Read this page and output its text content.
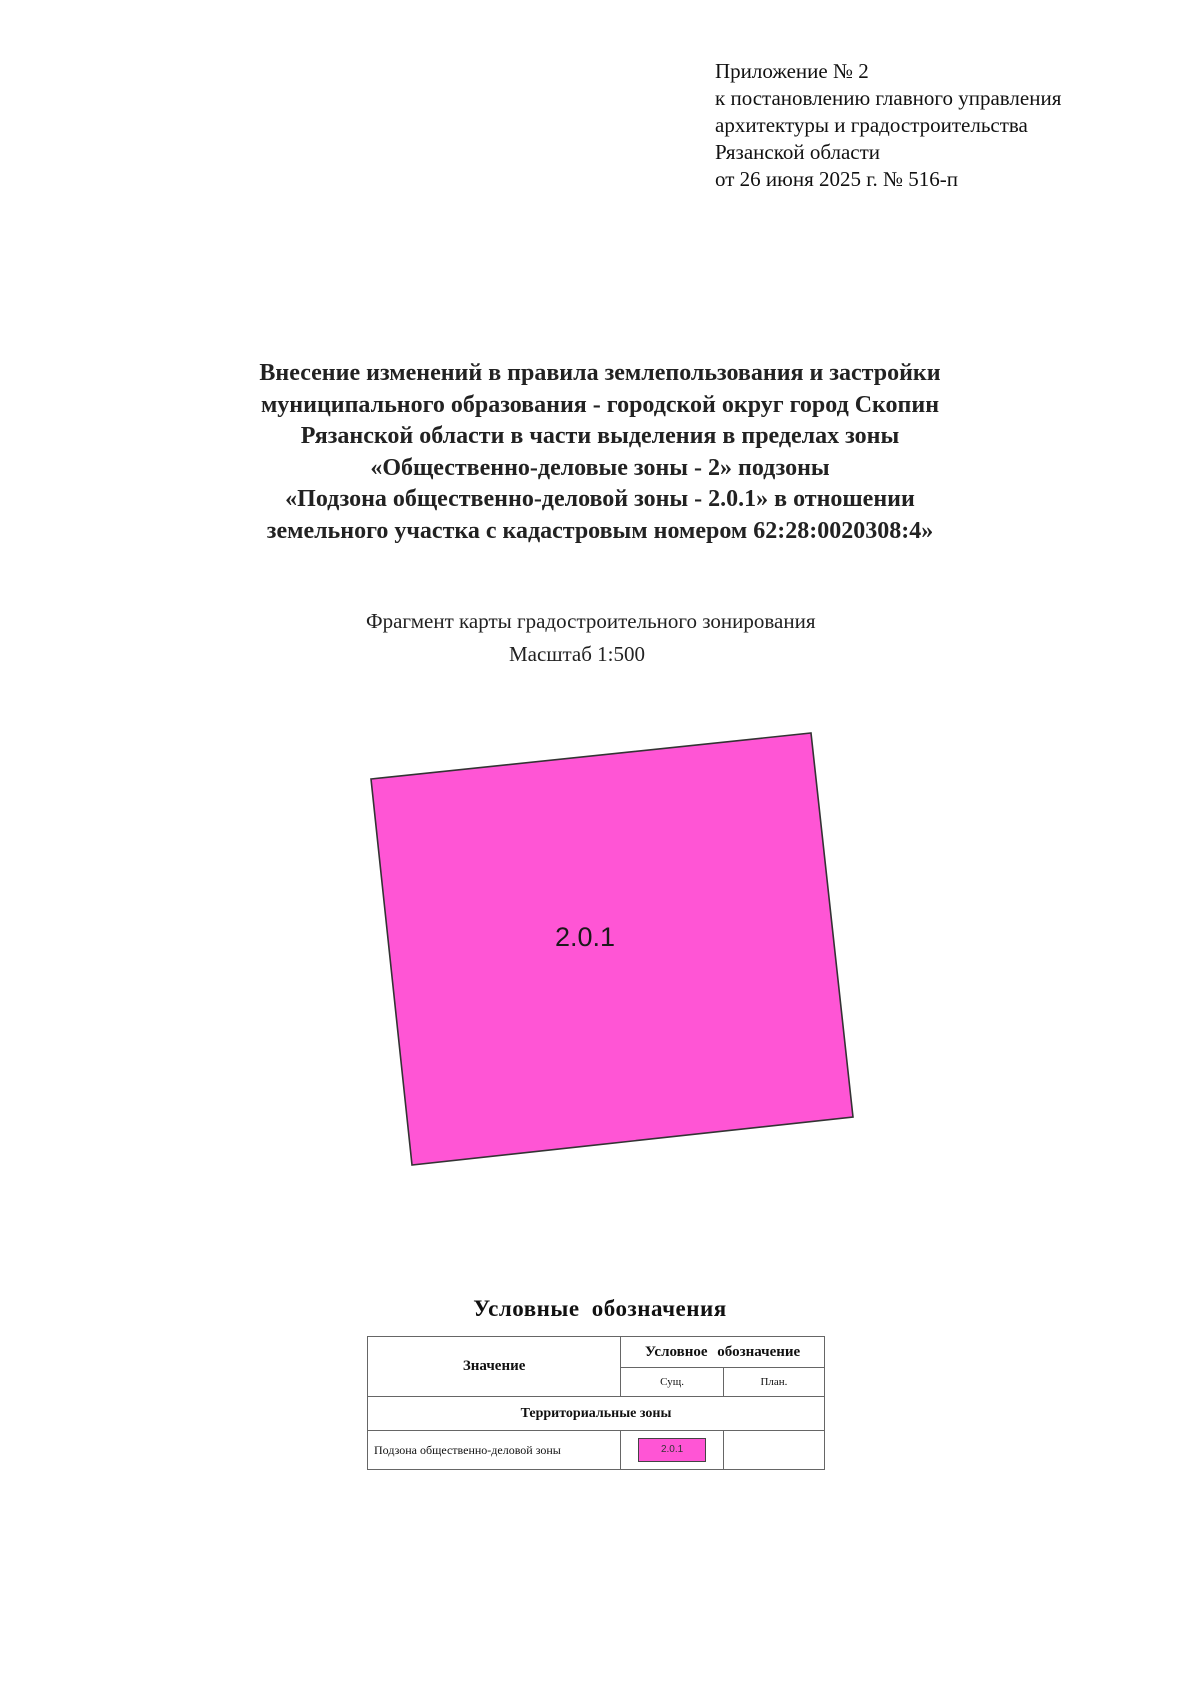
Приложение № 2
к постановлению главного управления
архитектуры и градостроительства
Рязанской области
от 26 июня 2025 г. № 516-п
Внесение изменений в правила землепользования и застройки
муниципального образования - городской округ город Скопин
Рязанской области в части выделения в пределах зоны
«Общественно-деловые зоны - 2» подзоны
«Подзона общественно-деловой зоны - 2.0.1» в отношении
земельного участка с кадастровым номером 62:28:0020308:4»
Фрагмент карты градостроительного зонирования
Масштаб 1:500
2.0.1
Условные обозначения
Значение	Условное обозначение	
	Сущ.	План.
Территориальные зоны		
Подзона общественно-деловой зоны	2.0.1	
